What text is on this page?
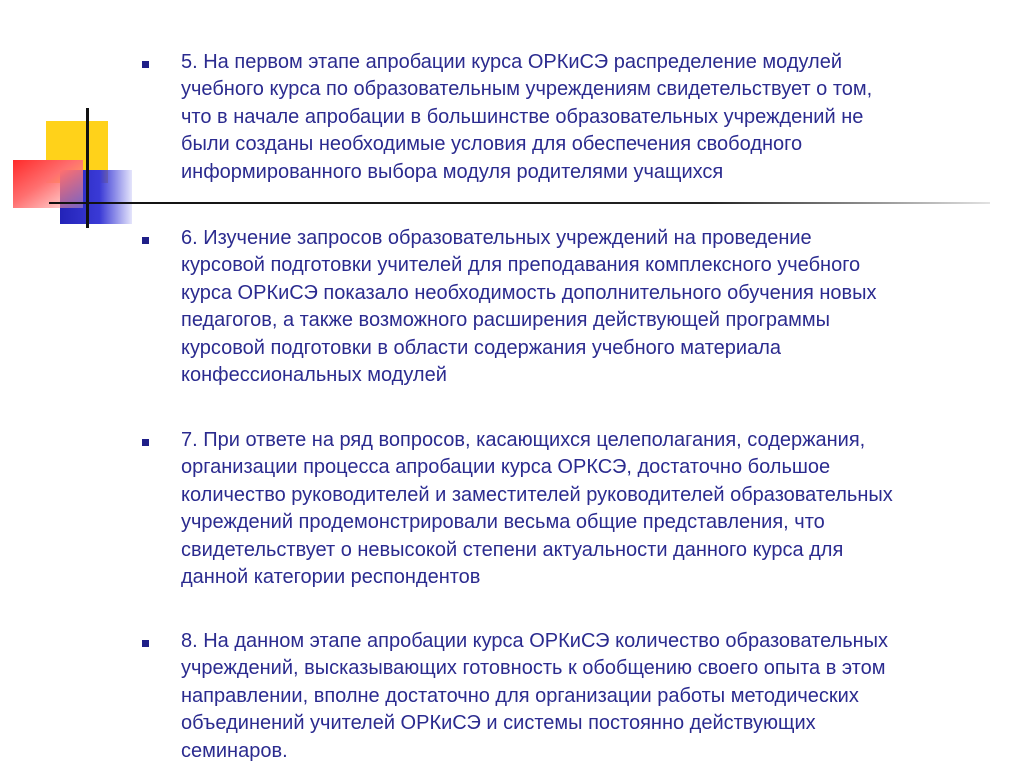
5. На первом этапе апробации курса ОРКиСЭ распределение модулей
учебного курса по образовательным учреждениям свидетельствует о том,
что в начале апробации в большинстве образовательных учреждений не
были созданы необходимые условия для обеспечения свободного
информированного выбора модуля родителями учащихся

6. Изучение запросов образовательных учреждений на проведение
курсовой подготовки учителей для преподавания комплексного учебного
курса ОРКиСЭ показало необходимость дополнительного обучения новых
педагогов, а также возможного расширения действующей программы
курсовой подготовки в области содержания учебного материала
конфессиональных модулей

7. При ответе на ряд вопросов, касающихся целеполагания, содержания,
организации процесса апробации курса ОРКСЭ, достаточно большое
количество руководителей и заместителей руководителей образовательных
учреждений продемонстрировали весьма общие представления, что
свидетельствует о невысокой степени актуальности данного курса для
данной категории респондентов

8. На данном этапе апробации курса ОРКиСЭ количество образовательных
учреждений, высказывающих готовность к обобщению своего опыта в этом
направлении, вполне достаточно для организации работы методических
объединений учителей ОРКиСЭ и системы постоянно действующих
семинаров.
